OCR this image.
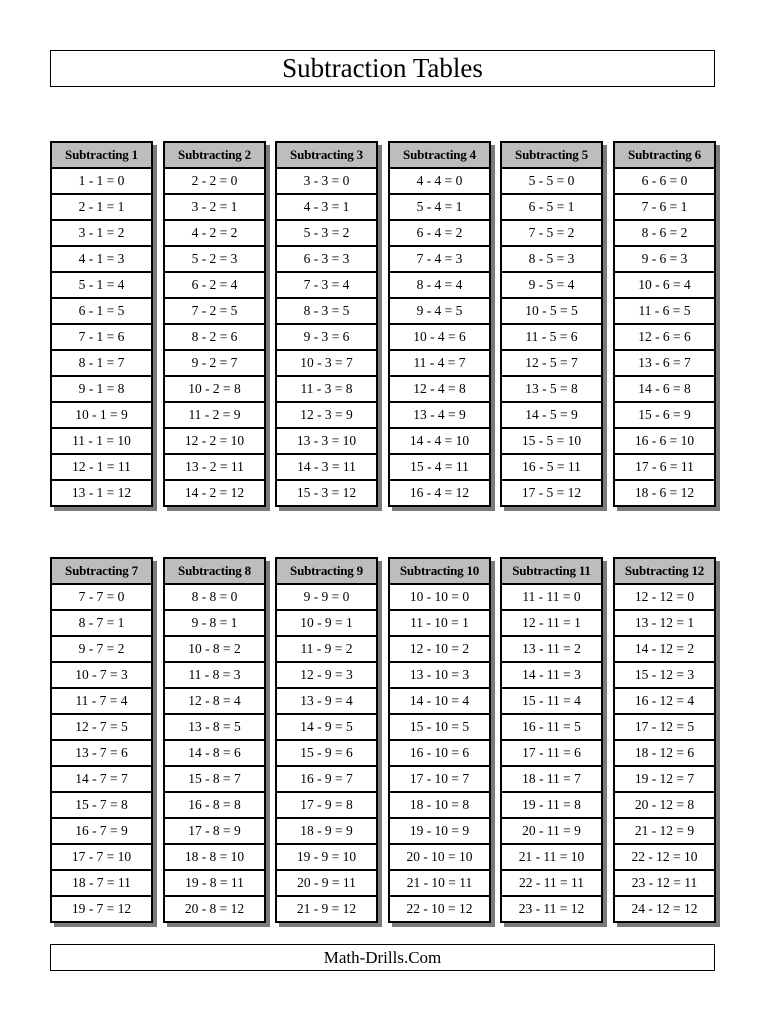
Subtraction Tables
Subtracting 1
1 - 1 = 0
2 - 1 = 1
3 - 1 = 2
4 - 1 = 3
5 - 1 = 4
6 - 1 = 5
7 - 1 = 6
8 - 1 = 7
9 - 1 = 8
10 - 1 = 9
11 - 1 = 10
12 - 1 = 11
13 - 1 = 12
Subtracting 2
2 - 2 = 0
3 - 2 = 1
4 - 2 = 2
5 - 2 = 3
6 - 2 = 4
7 - 2 = 5
8 - 2 = 6
9 - 2 = 7
10 - 2 = 8
11 - 2 = 9
12 - 2 = 10
13 - 2 = 11
14 - 2 = 12
Subtracting 3
3 - 3 = 0
4 - 3 = 1
5 - 3 = 2
6 - 3 = 3
7 - 3 = 4
8 - 3 = 5
9 - 3 = 6
10 - 3 = 7
11 - 3 = 8
12 - 3 = 9
13 - 3 = 10
14 - 3 = 11
15 - 3 = 12
Subtracting 4
4 - 4 = 0
5 - 4 = 1
6 - 4 = 2
7 - 4 = 3
8 - 4 = 4
9 - 4 = 5
10 - 4 = 6
11 - 4 = 7
12 - 4 = 8
13 - 4 = 9
14 - 4 = 10
15 - 4 = 11
16 - 4 = 12
Subtracting 5
5 - 5 = 0
6 - 5 = 1
7 - 5 = 2
8 - 5 = 3
9 - 5 = 4
10 - 5 = 5
11 - 5 = 6
12 - 5 = 7
13 - 5 = 8
14 - 5 = 9
15 - 5 = 10
16 - 5 = 11
17 - 5 = 12
Subtracting 6
6 - 6 = 0
7 - 6 = 1
8 - 6 = 2
9 - 6 = 3
10 - 6 = 4
11 - 6 = 5
12 - 6 = 6
13 - 6 = 7
14 - 6 = 8
15 - 6 = 9
16 - 6 = 10
17 - 6 = 11
18 - 6 = 12
Subtracting 7
7 - 7 = 0
8 - 7 = 1
9 - 7 = 2
10 - 7 = 3
11 - 7 = 4
12 - 7 = 5
13 - 7 = 6
14 - 7 = 7
15 - 7 = 8
16 - 7 = 9
17 - 7 = 10
18 - 7 = 11
19 - 7 = 12
Subtracting 8
8 - 8 = 0
9 - 8 = 1
10 - 8 = 2
11 - 8 = 3
12 - 8 = 4
13 - 8 = 5
14 - 8 = 6
15 - 8 = 7
16 - 8 = 8
17 - 8 = 9
18 - 8 = 10
19 - 8 = 11
20 - 8 = 12
Subtracting 9
9 - 9 = 0
10 - 9 = 1
11 - 9 = 2
12 - 9 = 3
13 - 9 = 4
14 - 9 = 5
15 - 9 = 6
16 - 9 = 7
17 - 9 = 8
18 - 9 = 9
19 - 9 = 10
20 - 9 = 11
21 - 9 = 12
Subtracting 10
10 - 10 = 0
11 - 10 = 1
12 - 10 = 2
13 - 10 = 3
14 - 10 = 4
15 - 10 = 5
16 - 10 = 6
17 - 10 = 7
18 - 10 = 8
19 - 10 = 9
20 - 10 = 10
21 - 10 = 11
22 - 10 = 12
Subtracting 11
11 - 11 = 0
12 - 11 = 1
13 - 11 = 2
14 - 11 = 3
15 - 11 = 4
16 - 11 = 5
17 - 11 = 6
18 - 11 = 7
19 - 11 = 8
20 - 11 = 9
21 - 11 = 10
22 - 11 = 11
23 - 11 = 12
Subtracting 12
12 - 12 = 0
13 - 12 = 1
14 - 12 = 2
15 - 12 = 3
16 - 12 = 4
17 - 12 = 5
18 - 12 = 6
19 - 12 = 7
20 - 12 = 8
21 - 12 = 9
22 - 12 = 10
23 - 12 = 11
24 - 12 = 12
Math-Drills.Com
